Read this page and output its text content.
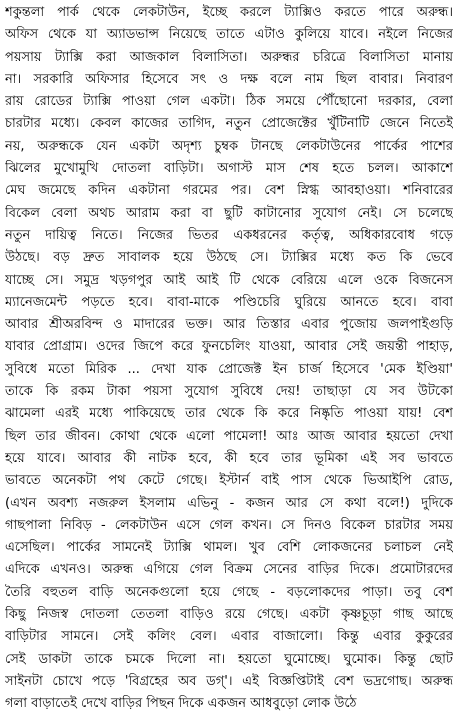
শকুন্তলা পার্ক থেকে লেকটাউন, ইচ্ছে করলে ট্যাক্সিও করতে পারে অরুন্ধ।
অফিস থেকে যা অ্যাডভান্স নিয়েছে তাতে এটাও কুলিয়ে যাবে। নইলে নিজের
পয়সায় ট্যাক্সি করা আজকাল বিলাসিতা। অরুন্ধর চরিত্রে বিলাসিতা মানায়
না। সরকারি অফিসার হিসেবে সৎ ও দক্ষ বলে নাম ছিল বাবার। নিবারণ
রায় রোডের ট্যাক্সি পাওয়া গেল একটা। ঠিক সময়ে পৌঁছোনো দরকার, বেলা
চারটার মধ্যে। কেবল কাজের তাগিদ, নতুন প্রোজেক্টের খুঁটিনাটি জেনে নিতেই
নয়, অরুন্ধকে যেন একটা অদৃশ্য চুম্বক টানছে লেকটাউনের পার্কের পাশের
ঝিলের মুখোমুখি দোতলা বাড়িটা। অগাস্ট মাস শেষ হতে চলল। আকাশে
মেঘ জমেছে কদিন একটানা গরমের পর। বেশ স্নিগ্ধ আবহাওয়া। শনিবারের
বিকেল বেলা অথচ আরাম করা বা ছুটি কাটানোর সুযোগ নেই। সে চলেছে
নতুন দায়িত্ব নিতে। নিজের ভিতর একধরনের কর্তৃত্ব, অধিকারবোধ গড়ে
উঠছে। বড় দ্রুত সাবালক হয়ে উঠছে সে। ট্যাক্সির মধ্যে কত কি ভেবে
যাচ্ছে সে। সমুদ্র খড়গপুর আই আই টি থেকে বেরিয়ে এলে ওকে বিজনেস
ম্যানেজমেন্ট পড়তে হবে। বাবা-মাকে পণ্ডিচেরি ঘুরিয়ে আনতে হবে। বাবা
আবার শ্রীঅরবিন্দ ও মাদারের ভক্ত। আর তিস্তার এবার পুজোয় জলপাইগুড়ি
যাবার প্রোগ্রাম। ওদের জিপে করে ফুনচেলিং যাওয়া, আবার সেই জয়ন্তী পাহাড়,
সুবিধে মতো মিরিক ... দেখা যাক প্রোজেক্ট ইন চার্জ হিসেবে 'মেক ইণ্ডিয়া'
তাকে কি রকম টাকা পয়সা সুযোগ সুবিধে দেয়! তাছাড়া যে সব উটকো
ঝামেলা এরই মধ্যে পাকিয়েছে তার থেকে কি করে নিষ্কৃতি পাওয়া যায়! বেশ
ছিল তার জীবন। কোথা থেকে এলো পামেলা! আঃ আজ আবার হয়তো দেখা
হয়ে যাবে। আবার কী নাটক হবে, কী হবে তার ভূমিকা এই সব ভাবতে
ভাবতে অনেকটা পথ কেটে গেছে। ইস্টার্ন বাই পাস থেকে ভিআইপি রোড,
(এখন অবশ্য নজরুল ইসলাম এভিনু - কজন আর সে কথা বলে!) দুদিকে
গাছপালা নিবিড় - লেকটাউন এসে গেল কখন। সে দিনও বিকেল চারটার সময়
এসেছিল। পার্কের সামনেই ট্যাক্সি থামল। খুব বেশি লোকজনের চলাচল নেই
এদিকে এখনও। অরুন্ধ এগিয়ে গেল বিক্রম সেনের বাড়ির দিকে। প্রমোটারদের
তৈরি বহুতল বাড়ি অনেকগুলো হয়ে গেছে - বড়লোকদের পাড়া। তবু বেশ
কিছু নিজস্ব দোতলা তেতলা বাড়িও রয়ে গেছে। একটা কৃষ্ণচূড়া গাছ আছে
বাড়িটার সামনে। সেই কলিং বেল। এবার বাজালো। কিন্তু এবার কুকুরের
সেই ডাকটা তাকে চমকে দিলো না। হয়তো ঘুমোচ্ছে। ঘুমোক। কিন্তু ছোট
সাইনটা চোখে পড়ে 'বিগ্রহের অব ডগ্‌'। এই বিজ্ঞপ্তিটাই বেশ ভদ্রগোছ। অরুন্ধ
গলা বাড়াতেই দেখে বাড়ির পিছন দিকে একজন আধবুড়ো লোক উঠে
